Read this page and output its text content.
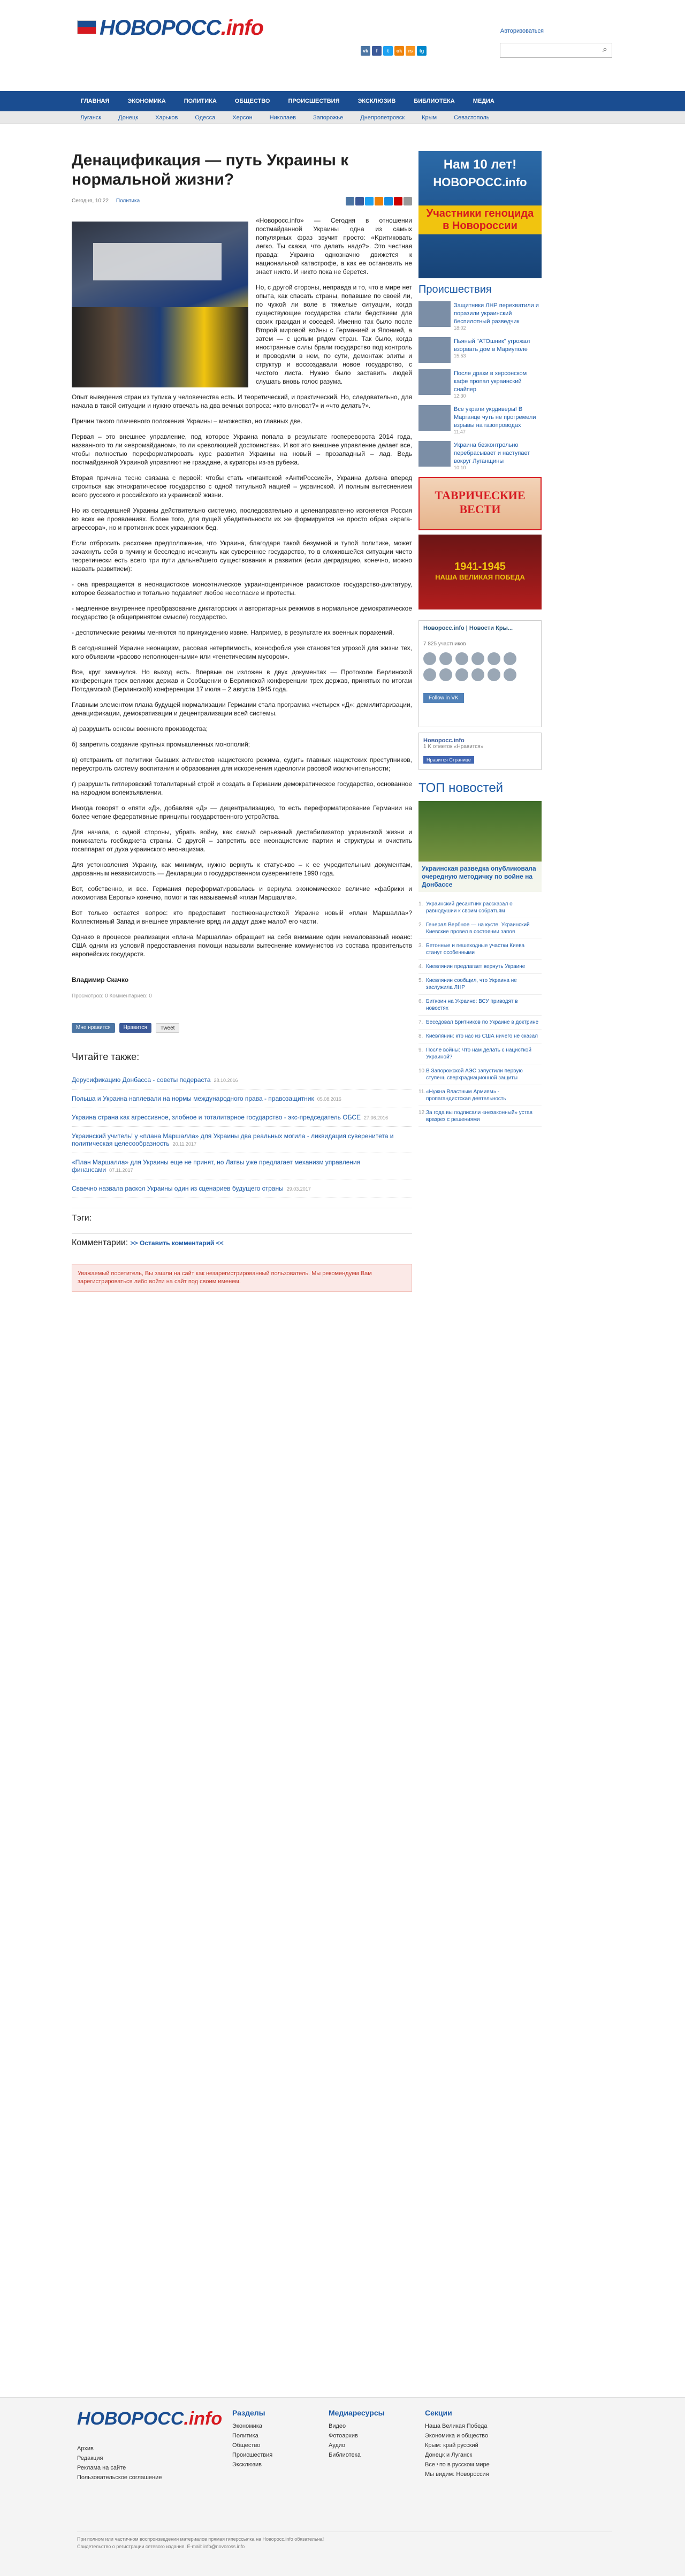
НОВОРОСС.info	Авторизоваться
vk	f	t	ok	rs	tg	⌕
ГЛАВНАЯ	ЭКОНОМИКА	ПОЛИТИКА	ОБЩЕСТВО	ПРОИСШЕСТВИЯ	ЭКСКЛЮЗИВ	БИБЛИОТЕКА	МЕДИА
Луганск	Донецк	Харьков	Одесса	Херсон	Николаев	Запорожье	Днепропетровск	Крым	Севастополь
Денацификация — путь Украины к нормальной жизни?
Сегодня, 10:22 Политика

«Новоросс.info» — Сегодня в отношении постмайданной Украины одна из самых популярных фраз звучит просто: «Kритиковать легко. Ты скажи, что делать надо?». Это честная правда: Украина однозначно движется к национальной катастрофе, а как ее остановить не знает никто. И никто пока не берется.

Но, с другой стороны, неправда и то, что в мире нет опыта, как спасать страны, попавшие по своей ли, по чужой ли воле в тяжелые ситуации, когда существующие государства стали бедствием для своих граждан и соседей. Именно так было после Второй мировой войны с Германией и Японией, а затем — с целым рядом стран. Так было, когда иностранные силы брали государство под контроль и проводили в нем, по сути, демонтаж элиты и структур и воссоздавали новое государство, с чистого листа. Нужно было заставить людей слушать вновь голос разума.

Опыт выведения стран из тупика у человечества есть. И теоретический, и практический. Но, следовательно, для начала в такой ситуации и нужно отвечать на два вечных вопроса: «кто виноват?» и «что делать?».

Причин такого плачевного положения Украины – множество, но главных две.

Первая – это внешнее управление, под которое Украина попала в результате госпереворота 2014 года, названного то ли «евромайданом», то ли «революцией достоинства». И вот это внешнее управление делает все, чтобы полностью переформатировать курс развития Украины на новый – прозападный – лад. Ведь постмайданной Украиной управляют не граждане, а кураторы из-за рубежа.

Вторая причина тесно связана с первой: чтобы стать «гигантской «АнтиРоссией», Украина должна вперед строиться как этнократическое государство с одной титульной нацией – украинской. И полным вытеснением всего русского и российского из украинской жизни.

Но из сегодняшней Украины действительно системно, последовательно и целенаправленно изгоняется Россия во всех ее проявлениях. Более того, для пущей убедительности их же формируется не просто образ «врага-агрессора», но и противник всех украинских бед.

Если отбросить расхожее предположение, что Украина, благодаря такой безумной и тупой политике, может зачахнуть себя в пучину и бесследно исчезнуть как суверенное государство, то в сложившейся ситуации чисто теоретически есть всего три пути дальнейшего существования и развития (если деградацию, конечно, можно назвать развитием):

- она превращается в неонацистское моноэтническое украиноцентричное расистское государство-диктатуру, которое безжалостно и тотально подавляет любое несогласие и протесты.

- медленное внутреннее преобразование диктаторских и авторитарных режимов в нормальное демократическое государство (в общепринятом смысле) государство.

- деспотические режимы меняются по принуждению извне. Например, в результате их военных поражений.

В сегодняшней Украине неонацизм, расовая нетерпимость, ксенофобия уже становятся угрозой для жизни тех, кого объявили «расово неполноценными» или «генетическим мусором».

Все, круг замкнулся. Но выход есть. Впервые он изложен в двух документах — Протоколе Берлинской конференции трех великих держав и Сообщении о Берлинской конференции трех держав, принятых по итогам Потсдамской (Берлинской) конференции 17 июля – 2 августа 1945 года.

Главным элементом плана будущей нормализации Германии стала программа «четырех «Д»: демилитаризации, денацификации, демократизации и децентрализации всей системы.

а) разрушить основы военного производства;

б) запретить создание крупных промышленных монополий;

в) отстранить от политики бывших активистов нацистского режима, судить главных нацистских преступников, переустроить систему воспитания и образования для искоренения идеологии расовой исключительности;

г) разрушить гитлеровский тоталитарный строй и создать в Германии демократическое государство, основанное на народном волеизъявлении.

Иногда говорят о «пяти «Д», добавляя «Д» — децентрализацию, то есть переформатирование Германии на более четкие федеративные принципы государственного устройства.

Для начала, с одной стороны, убрать войну, как самый серьезный дестабилизатор украинской жизни и понижатель госбюджета страны. С другой – запретить все неонацистские партии и структуры и очистить госаппарат от духа украинского неонацизма.

Для устоновления Украину, как минимум, нужно вернуть к статус-кво – к ее учредительным документам, дарованным независимость — Декларации о государственном суверенитете 1990 года.

Вот, собственно, и все. Германия переформатировалась и вернула экономическое величие «фабрики и локомотива Европы» конечно, помог и так называемый «план Маршалла».

Вот только остается вопрос: кто предоставит постнеонацистской Украине новый «план Маршалла»? Коллективный Запад и внешнее управление вряд ли дадут даже малой его части.

Однако в процессе реализации «плана Маршалла» обращает на себя внимание один немаловажный нюанс: США одним из условий предоставления помощи называли вытеснение коммунистов из состава правительств европейских государств.

Владимир Скачко
Просмотров: 0 Комментариев: 0
Мне нравится	Нравится	Tweet
Читайте также:
Дерусификацию Донбасса - советы педераста 28.10.2016
Польша и Украина наплевали на нормы международного права - правозащитник 05.08.2016
Украина страна как агрессивное, злобное и тоталитарное государство - экс-председатель ОБСЕ 27.06.2016
Украинский учитель! у «плана Маршалла» для Украины два реальных могила - ликвидация суверенитета и политическая целесообразность 20.11.2017
«План Маршалла» для Украины еще не принят, но Латвы уже предлагает механизм управления финансами 07.11.2017
Сваечно назвала раскол Украины один из сценариев будущего страны 29.03.2017
Тэги:
Комментарии: >> Оставить комментарий <<
Уважаемый посетитель, Вы зашли на сайт как незарегистрированный пользователь. Мы рекомендуем Вам зарегистрироваться либо войти на сайт под своим именем.
Нам 10 лет!
НОВОРОСС.info
Участники геноцида в Новороссии
Происшествия
Защитники ЛНР перехватили и поразили украинский беспилотный разведчик
18:02
Пьяный "АТОшник" угрожал взорвать дом в Мариуполе
15:53
После драки в херсонском кафе пропал украинский снайпер
12:30
Все украли укрдиверы! В Марганце чуть не прогремели взрывы на газопроводах
11:47
Украина безконтрольно перебрасывает и наступает вокруг Луганщины
10:10
ТАВРИЧЕСКИЕ ВЕСТИ
1941-1945
НАША ВЕЛИКАЯ ПОБЕДА
Новоросс.info | Новости Кры...
7 825 участников
Follow in VK
Новоросс.info
1 K отметок «Нравится»
Нравится Странице
ТОП новостей
Украинская разведка опубликовала очередную методичку по войне на Донбассе
1. Украинский десантник рассказал о равнодушии к своим собратьям
2. Генерал Вербное — на кусте. Украинский Киевские провел в состоянии запоя
3. Бетонные и пешеходные участки Киева станут особенными
4. Киевлянин предлагает вернуть Украине
5. Киевлянин сообщил, что Украина не заслужила ЛНР
6. Биткоин на Украине: ВСУ приводят в новостях
7. Беседовал Бритников по Украине в доктрине
8. Киевлянин: кто нас из США ничего не сказал
9. После войны: Что нам делать с нацисткой Украиной?
10. В Запорожской АЭС запустили первую ступень сверхрадиационной защиты
11. «Нужна Властным Армиям» - пропагандистская деятельность
12. За года вы подписали «незаконный» устав вразрез с решениями
НОВОРОСС.info
Архив
Редакция
Реклама на сайте
Пользовательское соглашение
Разделы
Экономика
Политика
Общество
Происшествия
Эксклюзив
Медиаресурсы
Видео
Фотоархив
Аудио
Библиотека
Секции
Наша Великая Победа
Экономика и общество
Крым: край русский
Донецк и Луганск
Все что в русском мире
Мы видим: Новороссия
При полном или частичном воспроизведении материалов прямая гиперссылка на Новоросс.info обязательна!
Свидетельство о регистрации сетевого издания. E-mail: info@novoross.info
